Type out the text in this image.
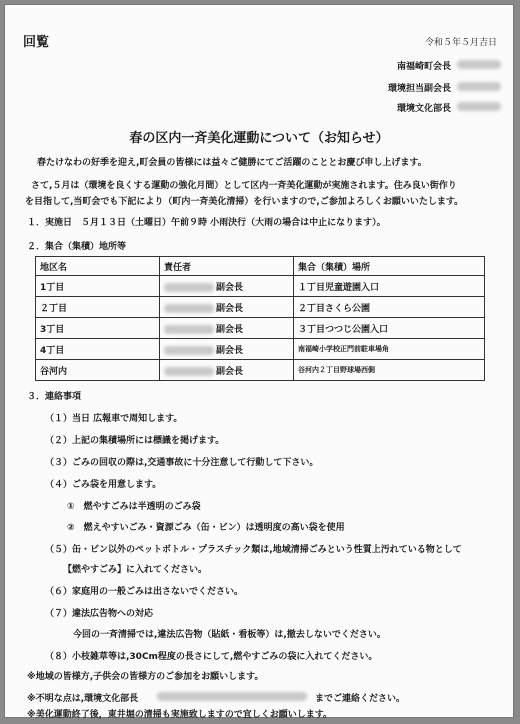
回覧	令和５年５月吉日
南福崎町会長
環境担当副会長
環境文化部長
春の区内一斉美化運動について（お知らせ）
春たけなわの好季を迎え,町会員の皆様には益々ご健勝にてご活躍のこととお慶び申し上げます。
さて,５月は（環境を良くする運動の強化月間）として区内一斉美化運動が実施されます。住み良い街作り
を目指して,当町会でも下記により（町内一斉美化清掃）を行いますので,ご参加よろしくお願いいたします。
１．実施日　５月１３日（土曜日）午前９時 小雨決行（大雨の場合は中止になります）。
２．集合（集積）地所等
地区名	責任者	集合（集積）場所
1丁目	副会長	１丁目児童遊園入口
２丁目	副会長	２丁目さくら公園
3丁目	副会長	３丁目つつじ公園入口
4丁目	副会長	南福崎小学校正門前駐車場角
谷河内	副会長	谷河内２丁目野球場西側
３．連絡事項
（１）当日 広報車で周知します。
（２）上記の集積場所には標識を掲げます。
（３）ごみの回収の際は,交通事故に十分注意して行動して下さい。
（４）ごみ袋を用意します。
①　燃やすごみは半透明のごみ袋
②　燃えやすいごみ・資源ごみ（缶・ビン）は透明度の高い袋を使用
（５）缶・ビン以外のペットボトル・プラスチック類は,地域清掃ごみという性質上汚れている物として
【燃やすごみ】に入れてください。
（６）家庭用の一般ごみは出さないでください。
（７）違法広告物への対応
今回の一斉清掃では,違法広告物（貼紙・看板等）は,撤去しないでください。
（８）小枝雑草等は,30Cm程度の長さにして,燃やすごみの袋に入れてください。
※地域の皆様方,子供会の皆様方のご参加をお願いします。
※不明な点は,環境文化部長	までご連絡ください。
※美化運動終了後，東井堀の清掃も実施致しますので宜しくお願いします。
